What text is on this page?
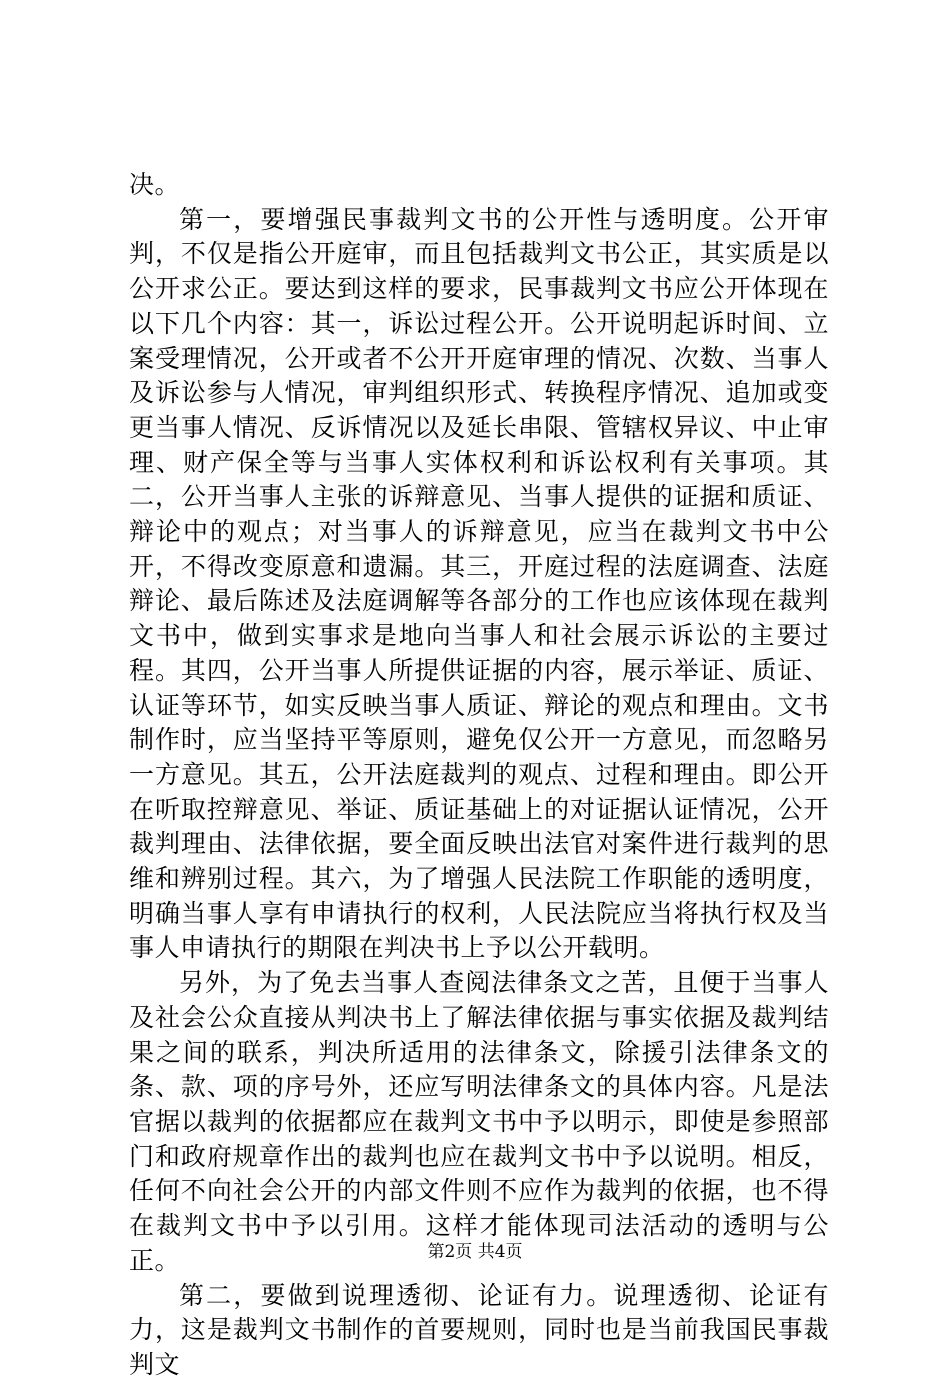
决。

第一，要增强民事裁判文书的公开性与透明度。公开审判，不仅是指公开庭审，而且包括裁判文书公正，其实质是以公开求公正。要达到这样的要求，民事裁判文书应公开体现在以下几个内容：其一，诉讼过程公开。公开说明起诉时间、立案受理情况，公开或者不公开开庭审理的情况、次数、当事人及诉讼参与人情况，审判组织形式、转换程序情况、追加或变更当事人情况、反诉情况以及延长串限、管辖权异议、中止审理、财产保全等与当事人实体权利和诉讼权利有关事项。其二，公开当事人主张的诉辩意见、当事人提供的证据和质证、辩论中的观点；对当事人的诉辩意见，应当在裁判文书中公开，不得改变原意和遗漏。其三，开庭过程的法庭调查、法庭辩论、最后陈述及法庭调解等各部分的工作也应该体现在裁判文书中，做到实事求是地向当事人和社会展示诉讼的主要过程。其四，公开当事人所提供证据的内容，展示举证、质证、认证等环节，如实反映当事人质证、辩论的观点和理由。文书制作时，应当坚持平等原则，避免仅公开一方意见，而忽略另一方意见。其五，公开法庭裁判的观点、过程和理由。即公开在听取控辩意见、举证、质证基础上的对证据认证情况，公开裁判理由、法律依据，要全面反映出法官对案件进行裁判的思维和辨别过程。其六，为了增强人民法院工作职能的透明度，明确当事人享有申请执行的权利，人民法院应当将执行权及当事人申请执行的期限在判决书上予以公开载明。

另外，为了免去当事人查阅法律条文之苦，且便于当事人及社会公众直接从判决书上了解法律依据与事实依据及裁判结果之间的联系，判决所适用的法律条文，除援引法律条文的条、款、项的序号外，还应写明法律条文的具体内容。凡是法官据以裁判的依据都应在裁判文书中予以明示，即使是参照部门和政府规章作出的裁判也应在裁判文书中予以说明。相反，任何不向社会公开的内部文件则不应作为裁判的依据，也不得在裁判文书中予以引用。这样才能体现司法活动的透明与公正。

第二，要做到说理透彻、论证有力。说理透彻、论证有力，这是裁判文书制作的首要规则，同时也是当前我国民事裁判文

第2页 共4页
